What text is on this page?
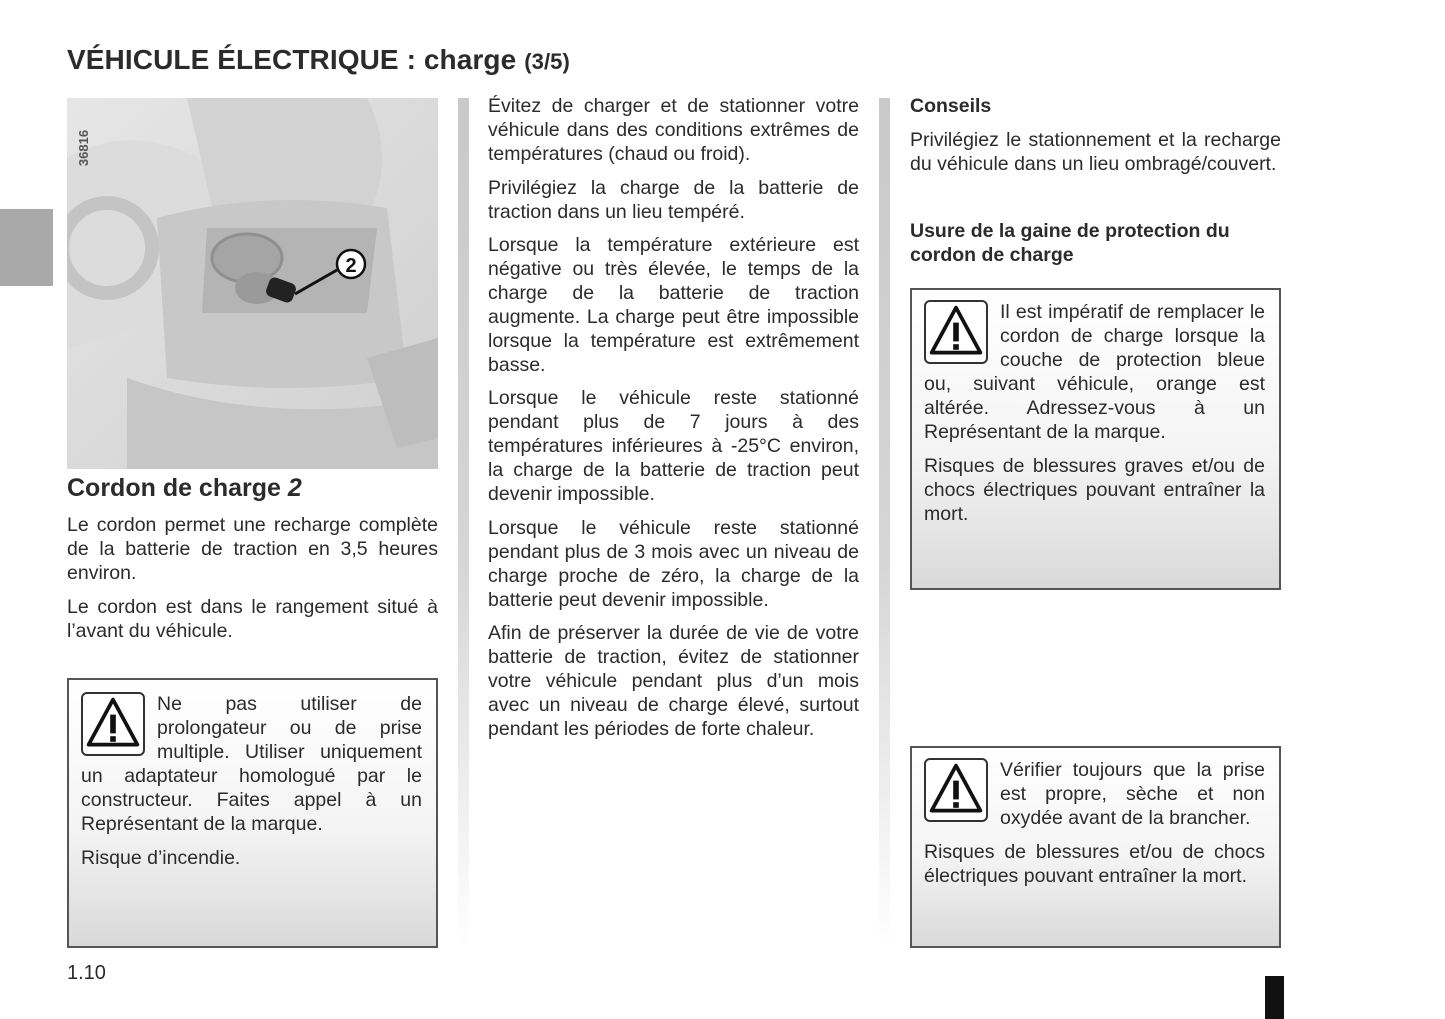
VÉHICULE ÉLECTRIQUE : charge (3/5)
2
36816
Cordon de charge 2

Le cordon permet une recharge complète de la batterie de traction en 3,5 heures environ.

Le cordon est dans le rangement situé à l’avant du véhicule.

Ne pas utiliser de prolongateur ou de prise multiple. Utiliser uniquement un adaptateur homologué par le constructeur. Faites appel à un Représentant de la marque.

Risque d’incendie.

Évitez de charger et de stationner votre véhicule dans des conditions extrêmes de températures (chaud ou froid).

Privilégiez la charge de la batterie de traction dans un lieu tempéré.

Lorsque la température extérieure est négative ou très élevée, le temps de la charge de la batterie de traction augmente. La charge peut être impossible lorsque la température est extrêmement basse.

Lorsque le véhicule reste stationné pendant plus de 7 jours à des températures inférieures à -25°C environ, la charge de la batterie de traction peut devenir impossible.

Lorsque le véhicule reste stationné pendant plus de 3 mois avec un niveau de charge proche de zéro, la charge de la batterie peut devenir impossible.

Afin de préserver la durée de vie de votre batterie de traction, évitez de stationner votre véhicule pendant plus d’un mois avec un niveau de charge élevé, surtout pendant les périodes de forte chaleur.

Conseils

Privilégiez le stationnement et la recharge du véhicule dans un lieu ombragé/couvert.

Usure de la gaine de protection du cordon de charge

Il est impératif de remplacer le cordon de charge lorsque la couche de protection bleue ou, suivant véhicule, orange est altérée. Adressez-vous à un Représentant de la marque.

Risques de blessures graves et/ou de chocs électriques pouvant entraîner la mort.

Vérifier toujours que la prise est propre, sèche et non oxydée avant de la brancher.

Risques de blessures et/ou de chocs électriques pouvant entraîner la mort.

1.10
